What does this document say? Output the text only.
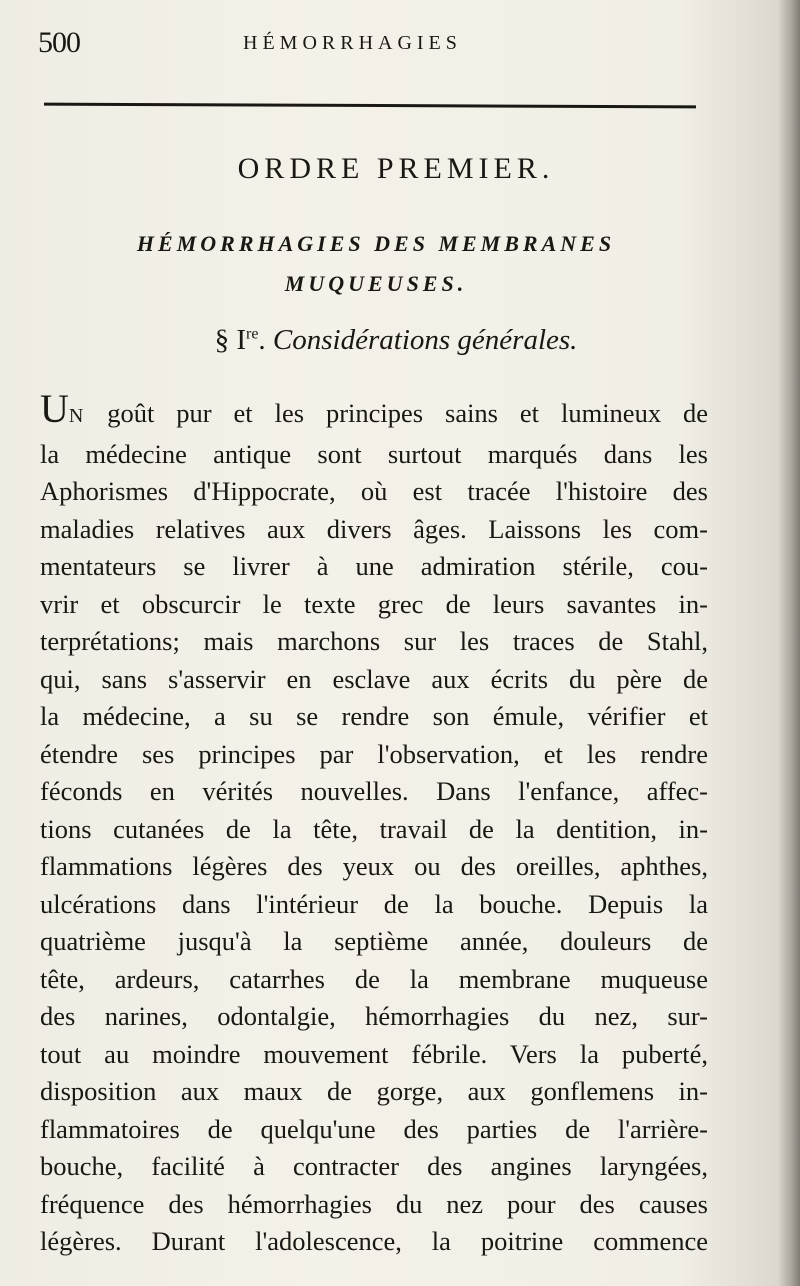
500	HÉMORRHAGIES
ORDRE PREMIER.
HÉMORRHAGIES DES MEMBRANES
MUQUEUSES.
§ Ire. Considérations générales.
UN goût pur et les principes sains et lumineux de
la médecine antique sont surtout marqués dans les
Aphorismes d'Hippocrate, où est tracée l'histoire des
maladies relatives aux divers âges. Laissons les com-
mentateurs se livrer à une admiration stérile, cou-
vrir et obscurcir le texte grec de leurs savantes in-
terprétations; mais marchons sur les traces de Stahl,
qui, sans s'asservir en esclave aux écrits du père de
la médecine, a su se rendre son émule, vérifier et
étendre ses principes par l'observation, et les rendre
féconds en vérités nouvelles. Dans l'enfance, affec-
tions cutanées de la tête, travail de la dentition, in-
flammations légères des yeux ou des oreilles, aphthes,
ulcérations dans l'intérieur de la bouche. Depuis la
quatrième jusqu'à la septième année, douleurs de
tête, ardeurs, catarrhes de la membrane muqueuse
des narines, odontalgie, hémorrhagies du nez, sur-
tout au moindre mouvement fébrile. Vers la puberté,
disposition aux maux de gorge, aux gonflemens in-
flammatoires de quelqu'une des parties de l'arrière-
bouche, facilité à contracter des angines laryngées,
fréquence des hémorrhagies du nez pour des causes
légères. Durant l'adolescence, la poitrine commence
